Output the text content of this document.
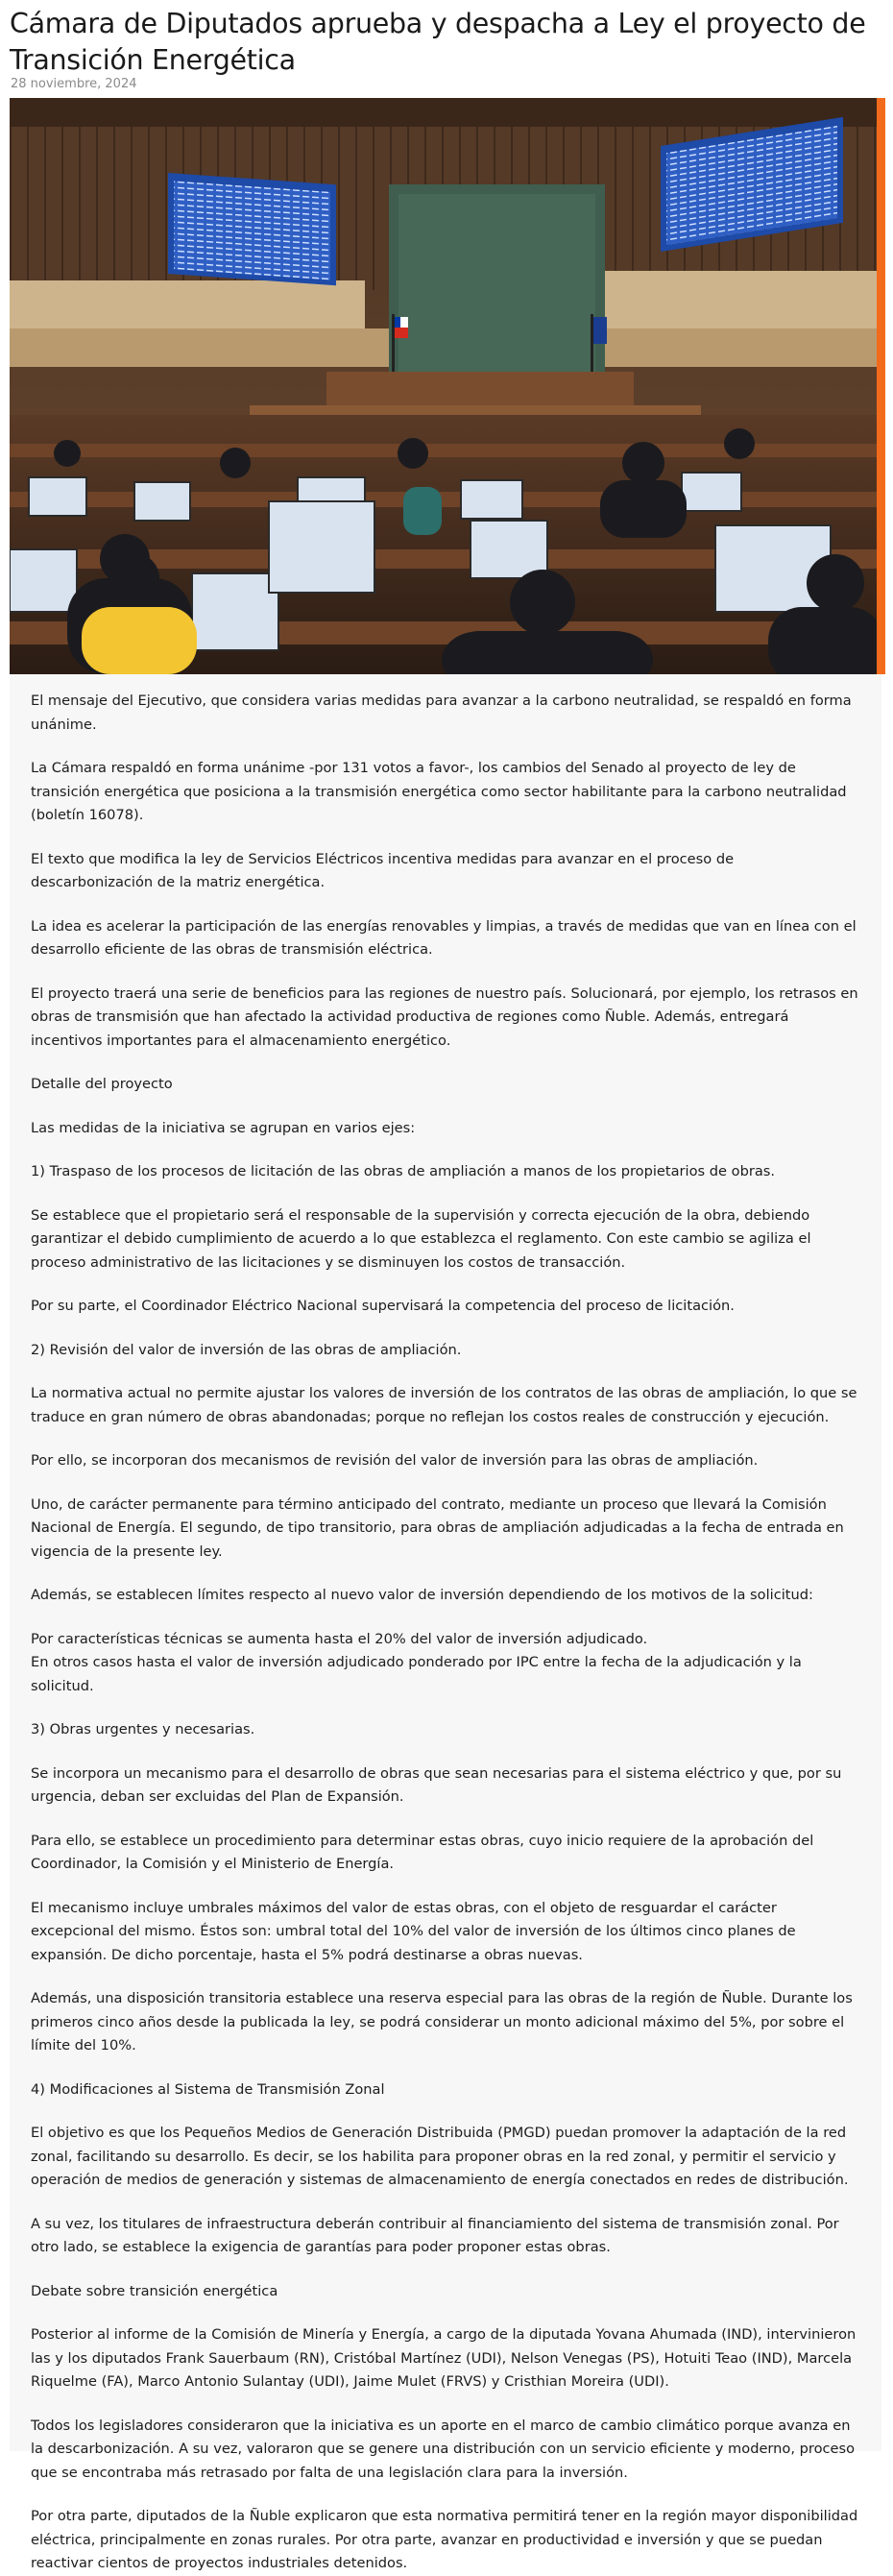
Cámara de Diputados aprueba y despacha a Ley el proyecto de Transición Energética
28 noviembre, 2024

El mensaje del Ejecutivo, que considera varias medidas para avanzar a la carbono neutralidad, se respaldó en forma unánime.

La Cámara respaldó en forma unánime -por 131 votos a favor-, los cambios del Senado al proyecto de ley de transición energética que posiciona a la transmisión energética como sector habilitante para la carbono neutralidad (boletín 16078).

El texto que modifica la ley de Servicios Eléctricos incentiva medidas para avanzar en el proceso de descarbonización de la matriz energética.

La idea es acelerar la participación de las energías renovables y limpias, a través de medidas que van en línea con el desarrollo eficiente de las obras de transmisión eléctrica.

El proyecto traerá una serie de beneficios para las regiones de nuestro país. Solucionará, por ejemplo, los retrasos en obras de transmisión que han afectado la actividad productiva de regiones como Ñuble. Además, entregará incentivos importantes para el almacenamiento energético.

Detalle del proyecto

Las medidas de la iniciativa se agrupan en varios ejes:

1) Traspaso de los procesos de licitación de las obras de ampliación a manos de los propietarios de obras.

Se establece que el propietario será el responsable de la supervisión y correcta ejecución de la obra, debiendo garantizar el debido cumplimiento de acuerdo a lo que establezca el reglamento. Con este cambio se agiliza el proceso administrativo de las licitaciones y se disminuyen los costos de transacción.

Por su parte, el Coordinador Eléctrico Nacional supervisará la competencia del proceso de licitación.

2) Revisión del valor de inversión de las obras de ampliación.

La normativa actual no permite ajustar los valores de inversión de los contratos de las obras de ampliación, lo que se traduce en gran número de obras abandonadas; porque no reflejan los costos reales de construcción y ejecución.

Por ello, se incorporan dos mecanismos de revisión del valor de inversión para las obras de ampliación.

Uno, de carácter permanente para término anticipado del contrato, mediante un proceso que llevará la Comisión Nacional de Energía. El segundo, de tipo transitorio, para obras de ampliación adjudicadas a la fecha de entrada en vigencia de la presente ley.

Además, se establecen límites respecto al nuevo valor de inversión dependiendo de los motivos de la solicitud:

Por características técnicas se aumenta hasta el 20% del valor de inversión adjudicado.
En otros casos hasta el valor de inversión adjudicado ponderado por IPC entre la fecha de la adjudicación y la solicitud.

3) Obras urgentes y necesarias.

Se incorpora un mecanismo para el desarrollo de obras que sean necesarias para el sistema eléctrico y que, por su urgencia, deban ser excluidas del Plan de Expansión.

Para ello, se establece un procedimiento para determinar estas obras, cuyo inicio requiere de la aprobación del Coordinador, la Comisión y el Ministerio de Energía.

El mecanismo incluye umbrales máximos del valor de estas obras, con el objeto de resguardar el carácter excepcional del mismo. Éstos son: umbral total del 10% del valor de inversión de los últimos cinco planes de expansión. De dicho porcentaje, hasta el 5% podrá destinarse a obras nuevas.

Además, una disposición transitoria establece una reserva especial para las obras de la región de Ñuble. Durante los primeros cinco años desde la publicada la ley, se podrá considerar un monto adicional máximo del 5%, por sobre el límite del 10%.

4) Modificaciones al Sistema de Transmisión Zonal

El objetivo es que los Pequeños Medios de Generación Distribuida (PMGD) puedan promover la adaptación de la red zonal, facilitando su desarrollo. Es decir, se los habilita para proponer obras en la red zonal, y permitir el servicio y operación de medios de generación y sistemas de almacenamiento de energía conectados en redes de distribución.

A su vez, los titulares de infraestructura deberán contribuir al financiamiento del sistema de transmisión zonal. Por otro lado, se establece la exigencia de garantías para poder proponer estas obras.

Debate sobre transición energética

Posterior al informe de la Comisión de Minería y Energía, a cargo de la diputada Yovana Ahumada (IND), intervinieron las y los diputados Frank Sauerbaum (RN), Cristóbal Martínez (UDI), Nelson Venegas (PS), Hotuiti Teao (IND), Marcela Riquelme (FA), Marco Antonio Sulantay (UDI), Jaime Mulet (FRVS) y Cristhian Moreira (UDI).

Todos los legisladores consideraron que la iniciativa es un aporte en el marco de cambio climático porque avanza en la descarbonización. A su vez, valoraron que se genere una distribución con un servicio eficiente y moderno, proceso que se encontraba más retrasado por falta de una legislación clara para la inversión.

Por otra parte, diputados de la Ñuble explicaron que esta normativa permitirá tener en la región mayor disponibilidad eléctrica, principalmente en zonas rurales. Por otra parte, avanzar en productividad e inversión y que se puedan reactivar cientos de proyectos industriales detenidos.
